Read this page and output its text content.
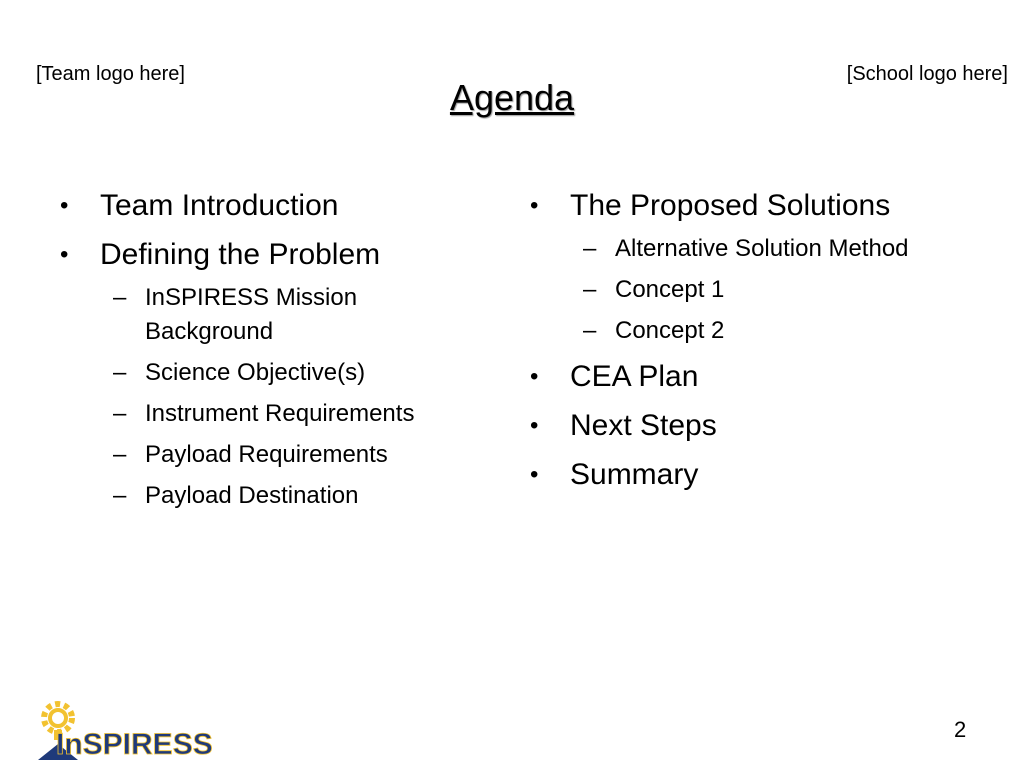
[Team logo here]	[School logo here]
Agenda
• Team Introduction
• Defining the Problem
– InSPIRESS Mission Background
– Science Objective(s)
– Instrument Requirements
– Payload Requirements
– Payload Destination
• The Proposed Solutions
– Alternative Solution Method
– Concept 1
– Concept 2
• CEA Plan
• Next Steps
• Summary
InSPIRESS	2
